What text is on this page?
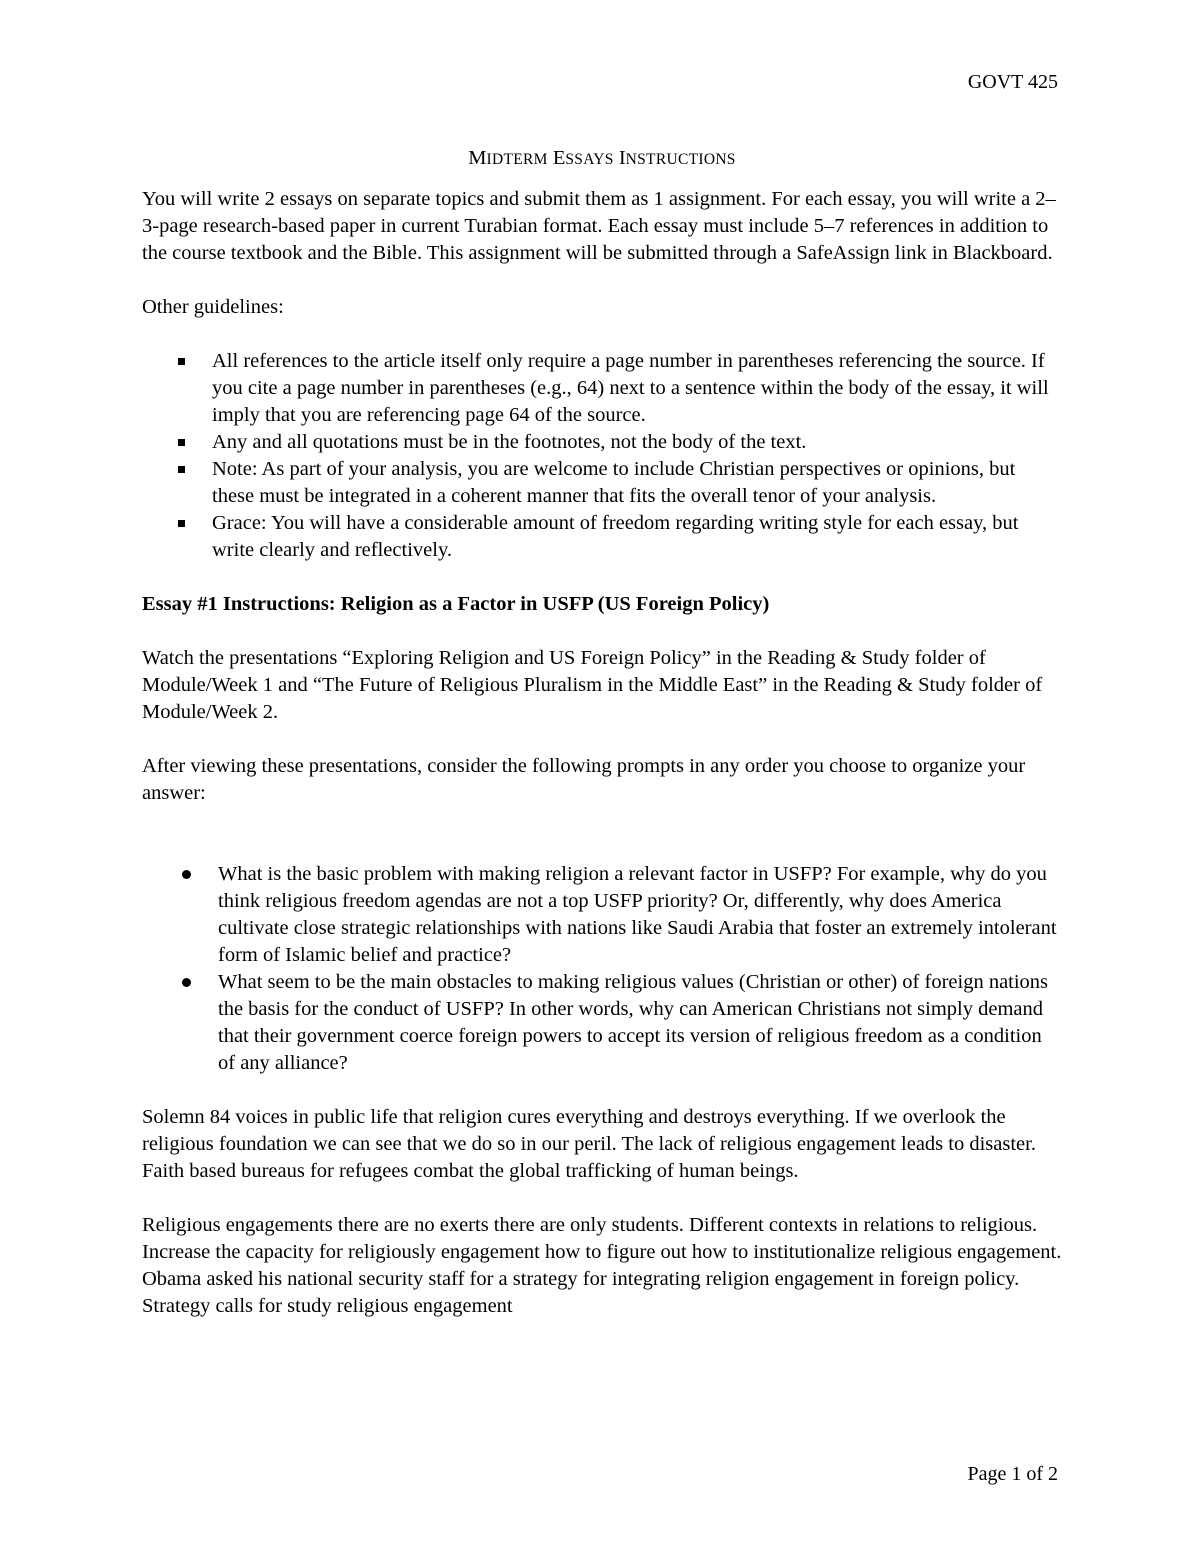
GOVT 425
MIDTERM ESSAYS INSTRUCTIONS

You will write 2 essays on separate topics and submit them as 1 assignment. For each essay, you will write a 2–3-page research-based paper in current Turabian format. Each essay must include 5–7 references in addition to the course textbook and the Bible. This assignment will be submitted through a SafeAssign link in Blackboard.

Other guidelines:

All references to the article itself only require a page number in parentheses referencing the source. If you cite a page number in parentheses (e.g., 64) next to a sentence within the body of the essay, it will imply that you are referencing page 64 of the source.
Any and all quotations must be in the footnotes, not the body of the text.
Note: As part of your analysis, you are welcome to include Christian perspectives or opinions, but these must be integrated in a coherent manner that fits the overall tenor of your analysis.
Grace: You will have a considerable amount of freedom regarding writing style for each essay, but write clearly and reflectively.

Essay #1 Instructions: Religion as a Factor in USFP (US Foreign Policy)

Watch the presentations “Exploring Religion and US Foreign Policy” in the Reading & Study folder of Module/Week 1 and “The Future of Religious Pluralism in the Middle East” in the Reading & Study folder of Module/Week 2.

After viewing these presentations, consider the following prompts in any order you choose to organize your answer:

What is the basic problem with making religion a relevant factor in USFP? For example, why do you think religious freedom agendas are not a top USFP priority? Or, differently, why does America cultivate close strategic relationships with nations like Saudi Arabia that foster an extremely intolerant form of Islamic belief and practice?
What seem to be the main obstacles to making religious values (Christian or other) of foreign nations the basis for the conduct of USFP? In other words, why can American Christians not simply demand that their government coerce foreign powers to accept its version of religious freedom as a condition of any alliance?

Solemn 84 voices in public life that religion cures everything and destroys everything. If we overlook the religious foundation we can see that we do so in our peril. The lack of religious engagement leads to disaster. Faith based bureaus for refugees combat the global trafficking of human beings.

Religious engagements there are no exerts there are only students. Different contexts in relations to religious. Increase the capacity for religiously engagement how to figure out how to institutionalize religious engagement. Obama asked his national security staff for a strategy for integrating religion engagement in foreign policy. Strategy calls for study religious engagement

Page 1 of 2
